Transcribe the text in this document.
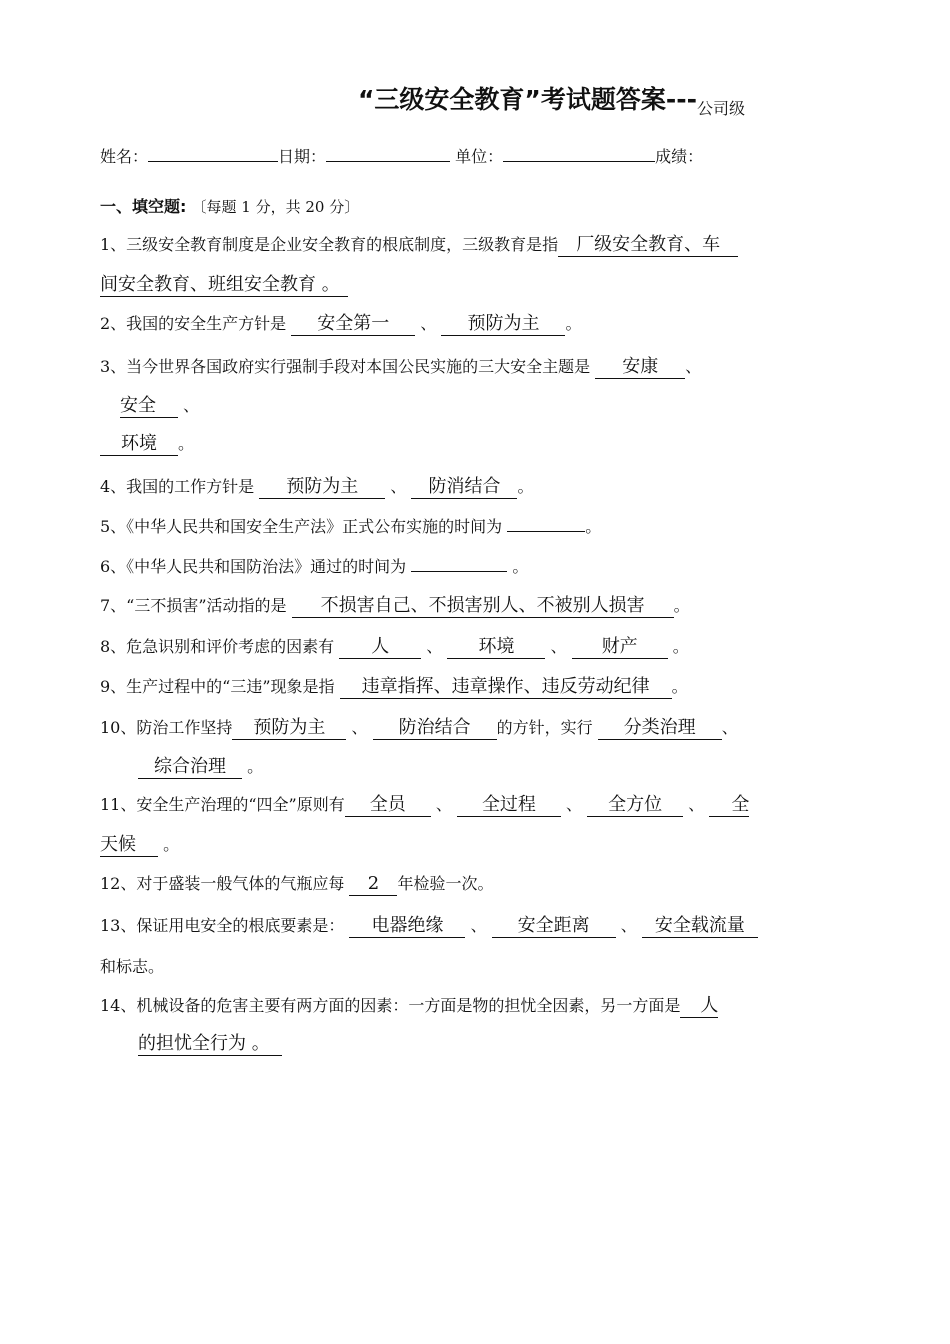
“三级安全教育”考试题答案$---_{公司级}$
姓名：	日期：	单位：	成绩：
一、填空题: 〔每题 1 分，共 20 分〕
1、三级安全教育制度是企业安全教育的根底制度，三级教育是指 厂级安全教育、车
间安全教育、班组安全教育 。
2、我国的安全生产方针是 安全第一 、 预防为主 。
3、当今世界各国政府实行强制手段对本国公民实施的三大安全主题是 安康 、
安全 、
环境 。
4、我国的工作方针是 预防为主 、 防消结合 。
5、《中华人民共和国安全生产法》正式公布实施的时间为	。
6、《中华人民共和国防治法》通过的时间为	。
7、“三不损害”活动指的是 不损害自己、不损害别人、不被别人损害 。
8、危急识别和评价考虑的因素有 人 、 环境 、 财产 。
9、生产过程中的“三违”现象是指 违章指挥、违章操作、违反劳动纪律 。
10、防治工作坚持 预防为主 、 防治结合 的方针，实行 分类治理 、
综合治理 。
11、安全生产治理的“四全”原则有 全员 、 全过程 、 全方位 、 全
天候 。
12、对于盛装一般气体的气瓶应每 2 年检验一次。
13、保证用电安全的根底要素是： 电器绝缘 、 安全距离 、 安全载流量
和标志。
14、机械设备的危害主要有两方面的因素：一方面是物的担忧全因素，另一方面是 人
的担忧全行为 。
